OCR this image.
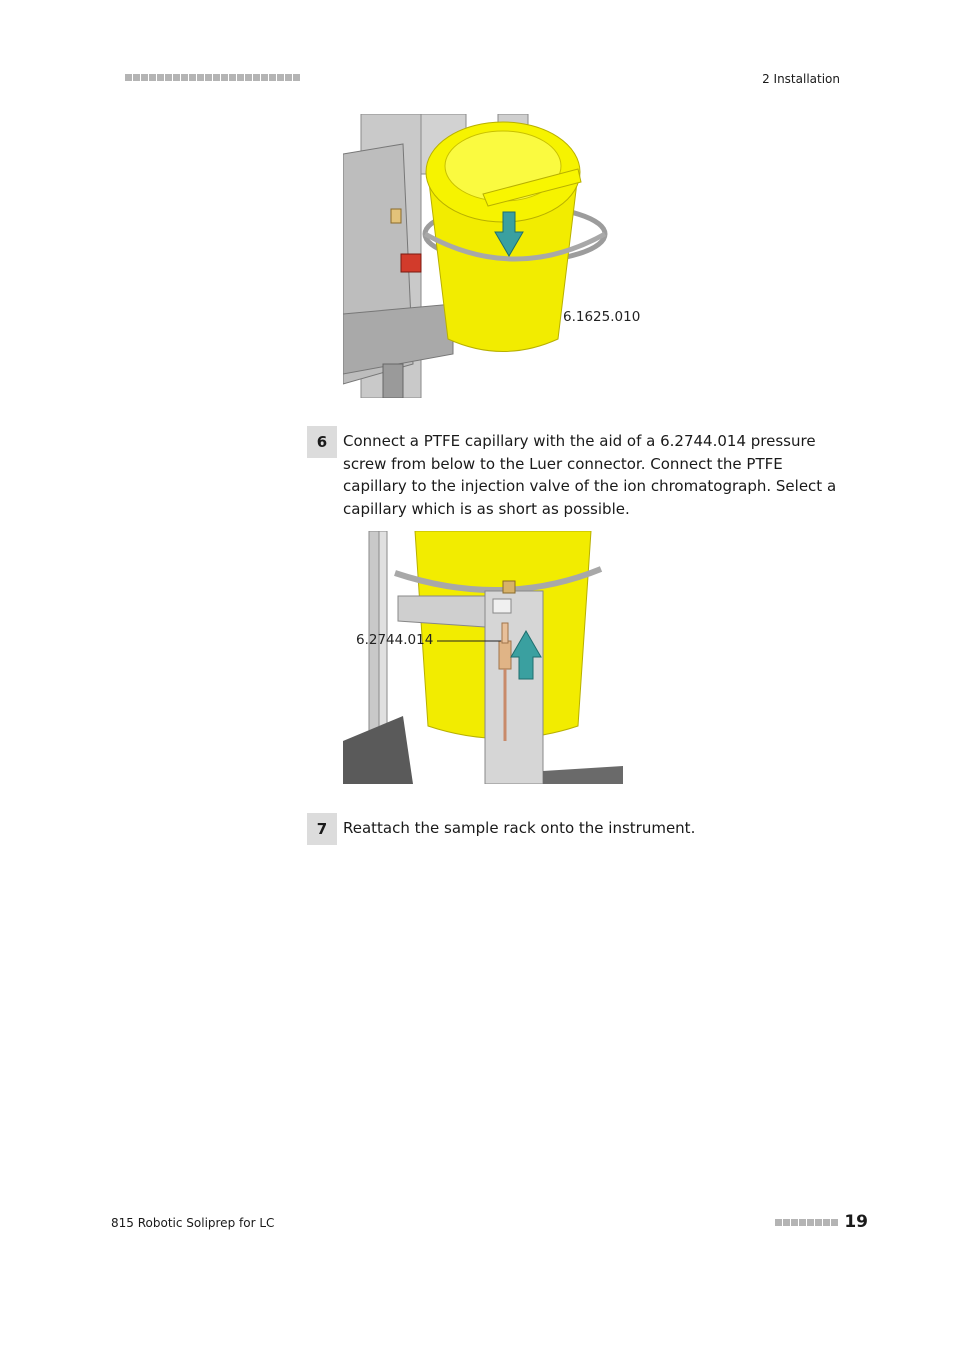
2 Installation
6.1625.010
6	Connect a PTFE capillary with the aid of a 6.2744.014 pressure screw from below to the Luer connector. Connect the PTFE capillary to the injection valve of the ion chromatograph. Select a capillary which is as short as possible.
6.2744.014
7	Reattach the sample rack onto the instrument.
815 Robotic Soliprep for LC	19
